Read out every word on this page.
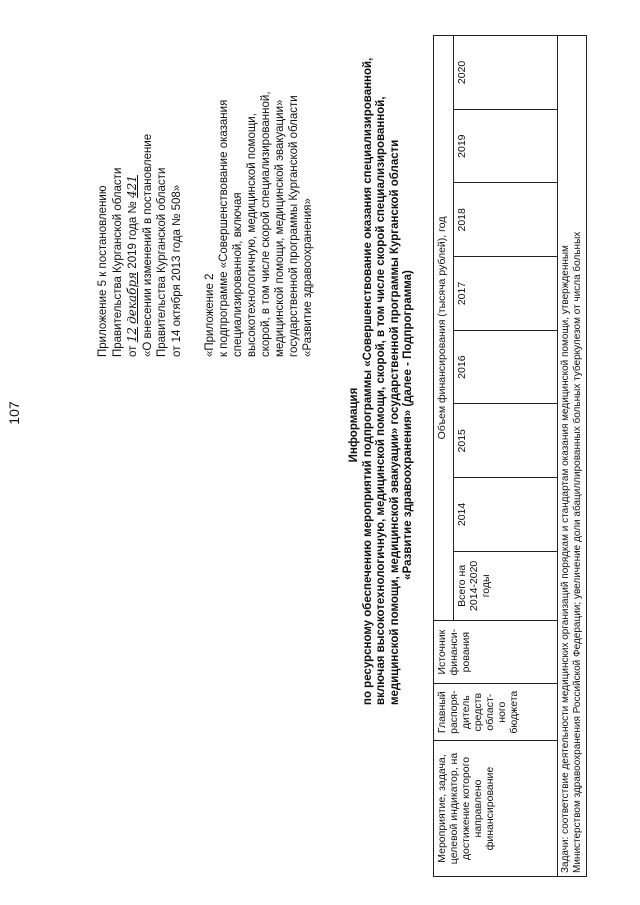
107
Приложение 5 к постановлению Правительства Курганской области от 12 декабря 2019 года № 421 «О внесении изменений в постановление Правительства Курганской области от 14 октября 2013 года № 508» «Приложение 2 к подпрограмме «Совершенствование оказания специализированной, включая высокотехнологичную, медицинской помощи, скорой, в том числе скорой специализированной, медицинской помощи, медицинской эвакуации» государственной программы Курганской области «Развитие здравоохранения»
Информация по ресурсному обеспечению мероприятий подпрограммы «Совершенствование оказания специализированной, включая высокотехнологичную, медицинской помощи, скорой, в том числе скорой специализированной, медицинской помощи, медицинской эвакуации» государственной программы Курганской области «Развитие здравоохранения» (далее - Подпрограмма)
Мероприятие, задача, целевой индикатор, на достижение которого направлено финансирование	Главный распоря-дитель средств област-ного бюджета	Источник финанси-рования	Объем финансирования (тысяча рублей), год							
			Всего на 2014-2020 годы	2014	2015	2016	2017	2018	2019	2020

Задачи: соответствие деятельности медицинских организаций порядкам и стандартам оказания медицинской помощи, утвержденным Министерством здравоохранения Российской Федерации; увеличение доли абациллированных больных туберкулезом от числа больных										
